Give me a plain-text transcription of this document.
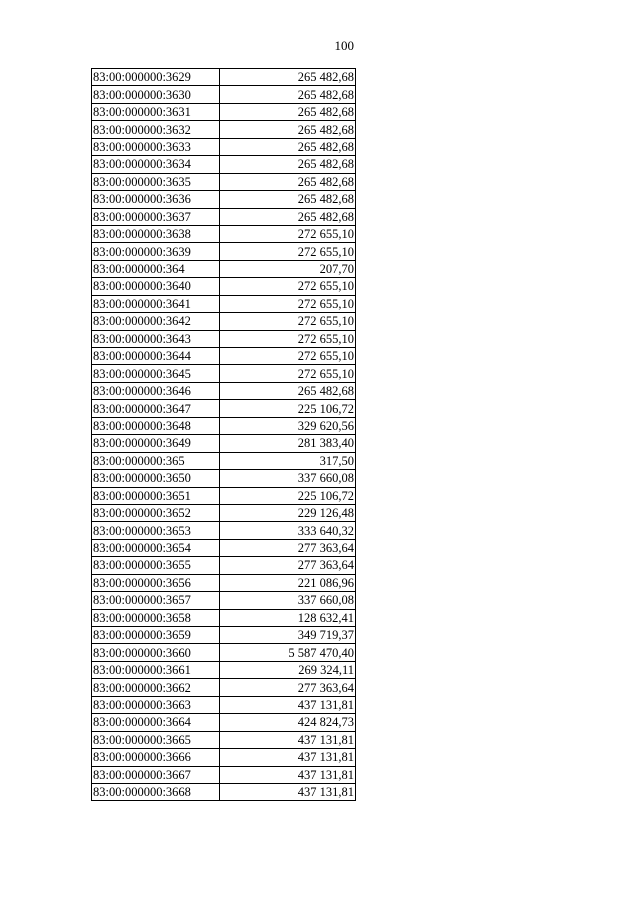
100
83:00:000000:3629	265 482,68
83:00:000000:3630	265 482,68
83:00:000000:3631	265 482,68
83:00:000000:3632	265 482,68
83:00:000000:3633	265 482,68
83:00:000000:3634	265 482,68
83:00:000000:3635	265 482,68
83:00:000000:3636	265 482,68
83:00:000000:3637	265 482,68
83:00:000000:3638	272 655,10
83:00:000000:3639	272 655,10
83:00:000000:364	207,70
83:00:000000:3640	272 655,10
83:00:000000:3641	272 655,10
83:00:000000:3642	272 655,10
83:00:000000:3643	272 655,10
83:00:000000:3644	272 655,10
83:00:000000:3645	272 655,10
83:00:000000:3646	265 482,68
83:00:000000:3647	225 106,72
83:00:000000:3648	329 620,56
83:00:000000:3649	281 383,40
83:00:000000:365	317,50
83:00:000000:3650	337 660,08
83:00:000000:3651	225 106,72
83:00:000000:3652	229 126,48
83:00:000000:3653	333 640,32
83:00:000000:3654	277 363,64
83:00:000000:3655	277 363,64
83:00:000000:3656	221 086,96
83:00:000000:3657	337 660,08
83:00:000000:3658	128 632,41
83:00:000000:3659	349 719,37
83:00:000000:3660	5 587 470,40
83:00:000000:3661	269 324,11
83:00:000000:3662	277 363,64
83:00:000000:3663	437 131,81
83:00:000000:3664	424 824,73
83:00:000000:3665	437 131,81
83:00:000000:3666	437 131,81
83:00:000000:3667	437 131,81
83:00:000000:3668	437 131,81
